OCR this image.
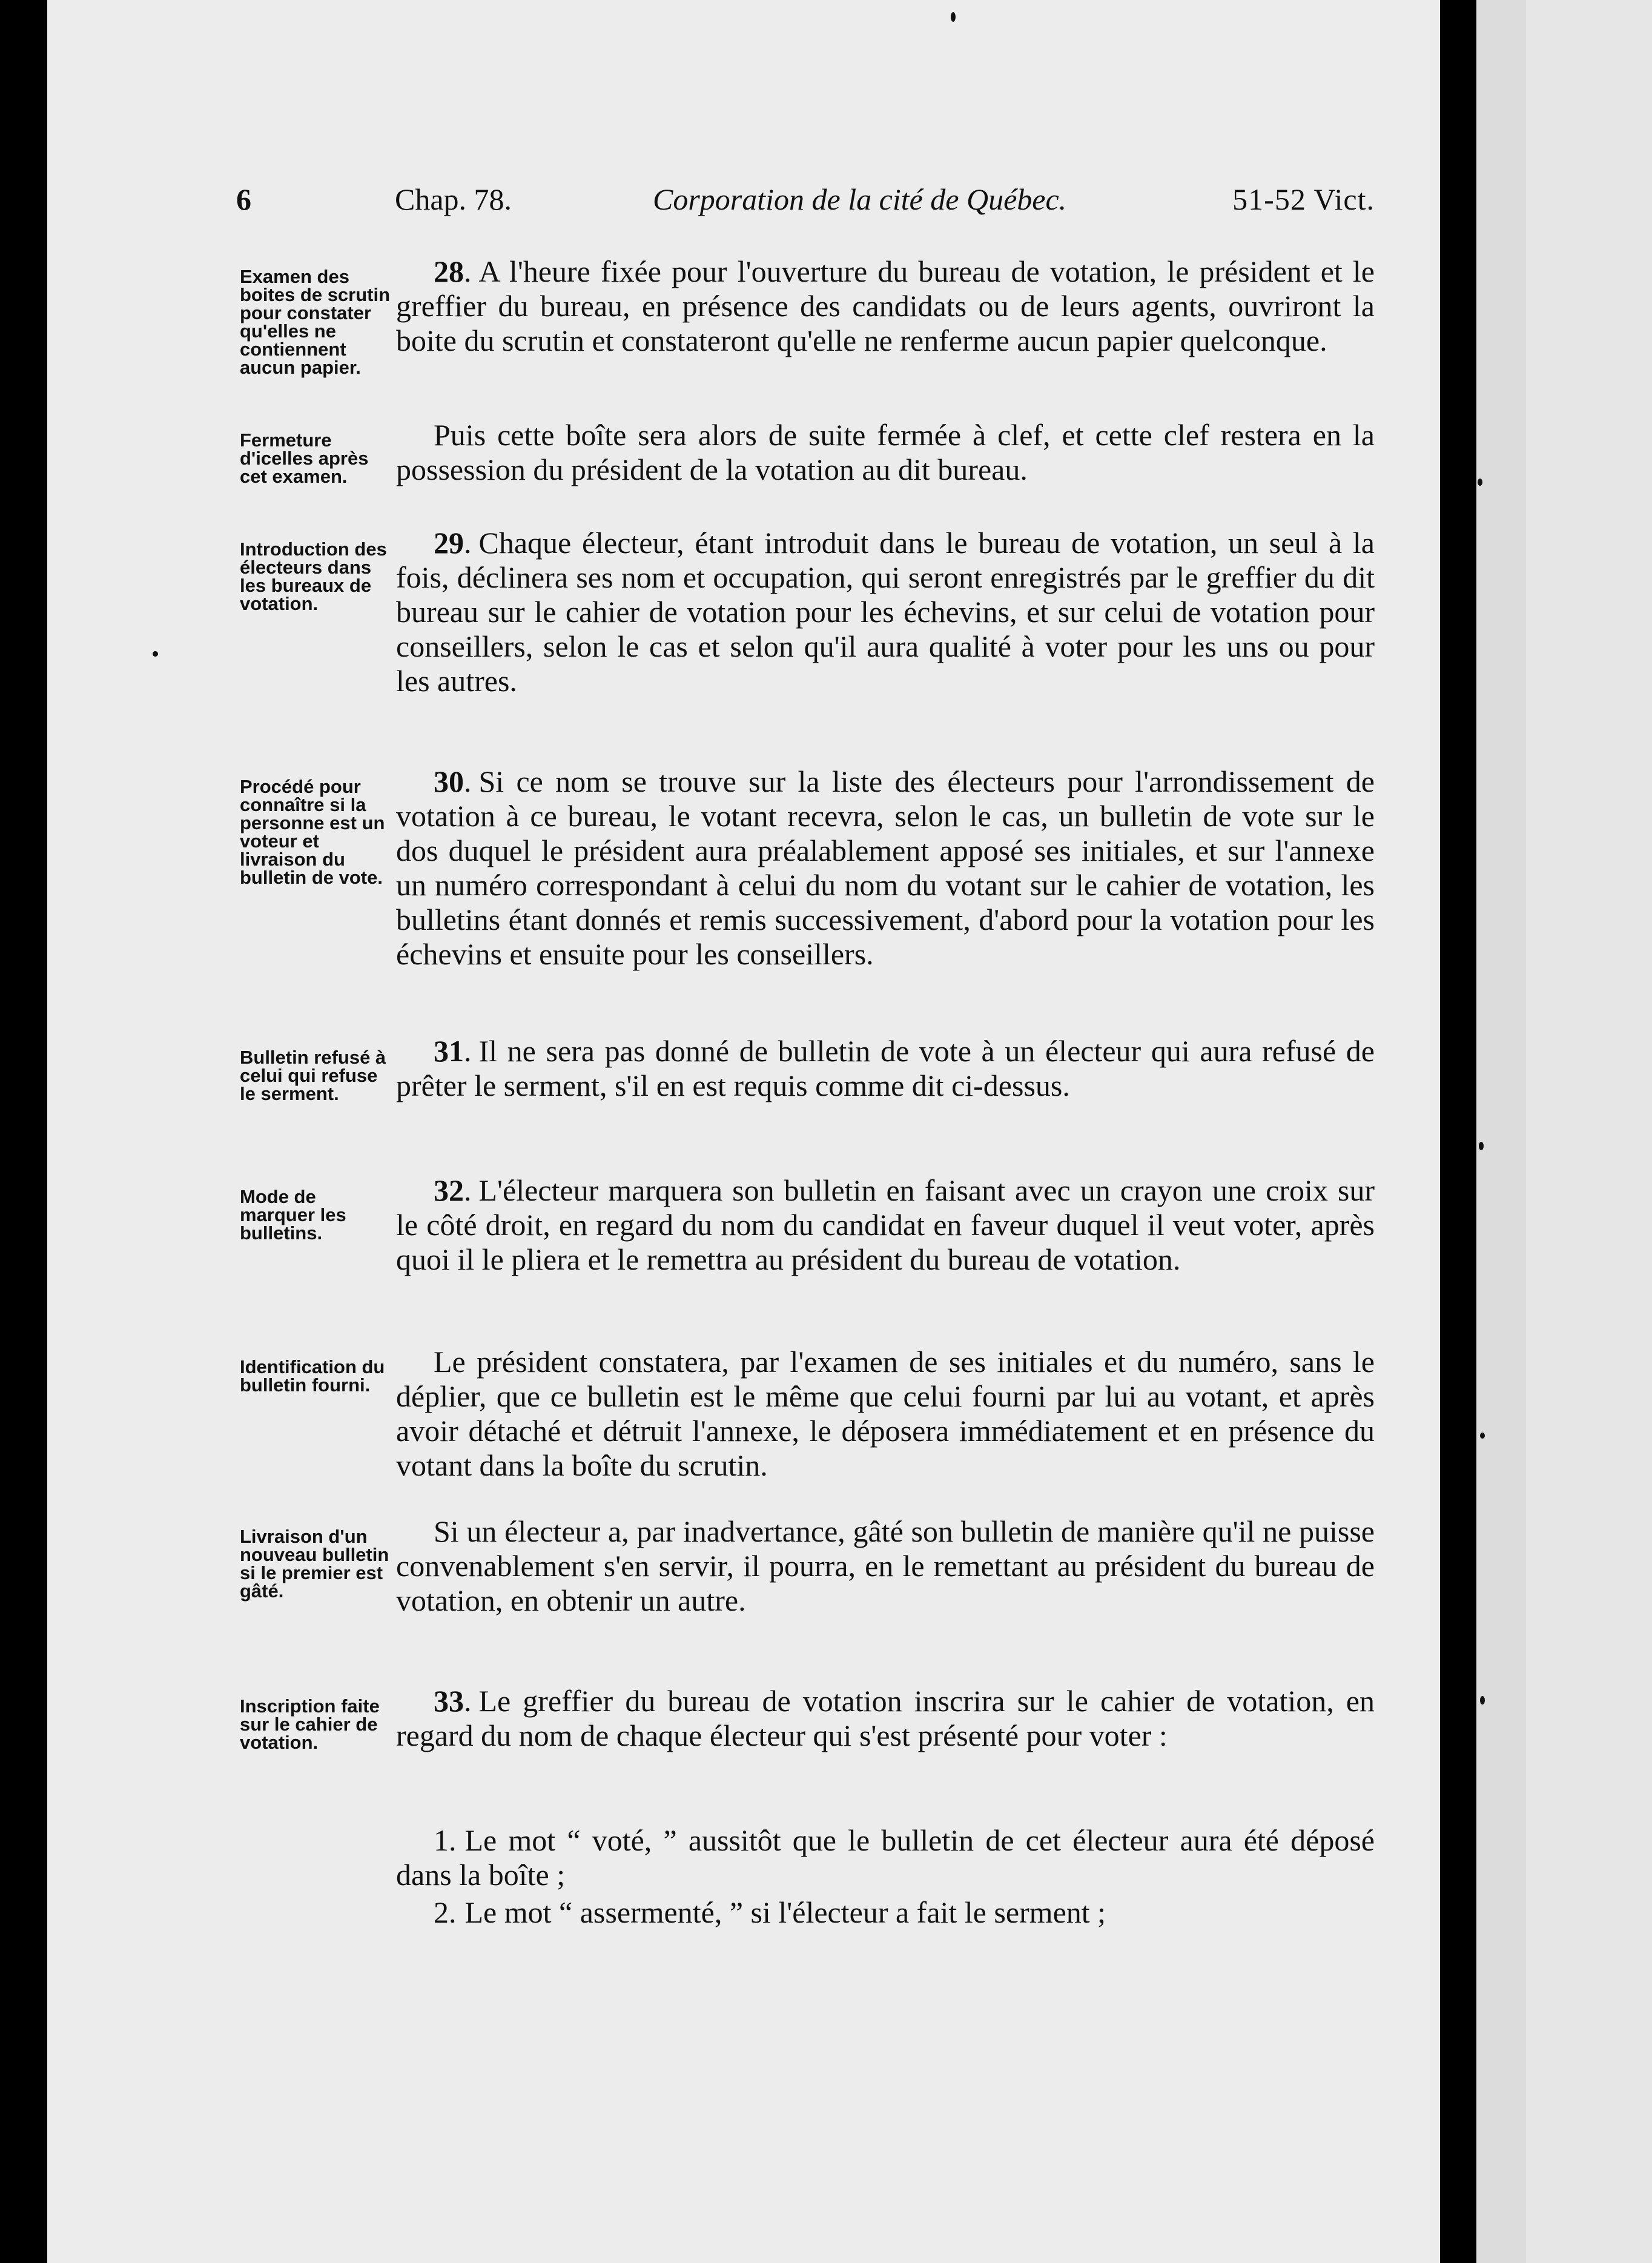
6	Chap. 78.	Corporation de la cité de Québec.	51-52 Vict.
Examen des boites de scrutin pour constater qu'elles ne contiennent aucun papier.
28. A l'heure fixée pour l'ouverture du bureau de votation, le président et le greffier du bureau, en présence des candidats ou de leurs agents, ouvriront la boite du scrutin et constateront qu'elle ne renferme aucun papier quelconque.
Fermeture d'icelles après cet examen.
Puis cette boîte sera alors de suite fermée à clef, et cette clef restera en la possession du président de la votation au dit bureau.
Introduction des électeurs dans les bureaux de votation.
29. Chaque électeur, étant introduit dans le bureau de votation, un seul à la fois, déclinera ses nom et occupation, qui seront enregistrés par le greffier du dit bureau sur le cahier de votation pour les échevins, et sur celui de votation pour conseillers, selon le cas et selon qu'il aura qualité à voter pour les uns ou pour les autres.
Procédé pour connaître si la personne est un voteur et livraison du bulletin de vote.
30. Si ce nom se trouve sur la liste des électeurs pour l'arrondissement de votation à ce bureau, le votant recevra, selon le cas, un bulletin de vote sur le dos duquel le président aura préalablement apposé ses initiales, et sur l'annexe un numéro correspondant à celui du nom du votant sur le cahier de votation, les bulletins étant donnés et remis successivement, d'abord pour la votation pour les échevins et ensuite pour les conseillers.
Bulletin refusé à celui qui refuse le serment.
31. Il ne sera pas donné de bulletin de vote à un électeur qui aura refusé de prêter le serment, s'il en est requis comme dit ci-dessus.
Mode de marquer les bulletins.
32. L'électeur marquera son bulletin en faisant avec un crayon une croix sur le côté droit, en regard du nom du candidat en faveur duquel il veut voter, après quoi il le pliera et le remettra au président du bureau de votation.
Identification du bulletin fourni.
Le président constatera, par l'examen de ses initiales et du numéro, sans le déplier, que ce bulletin est le même que celui fourni par lui au votant, et après avoir détaché et détruit l'annexe, le déposera immédiatement et en présence du votant dans la boîte du scrutin.
Livraison d'un nouveau bulletin si le premier est gâté.
Si un électeur a, par inadvertance, gâté son bulletin de manière qu'il ne puisse convenablement s'en servir, il pourra, en le remettant au président du bureau de votation, en obtenir un autre.
Inscription faite sur le cahier de votation.
33. Le greffier du bureau de votation inscrira sur le cahier de votation, en regard du nom de chaque électeur qui s'est présenté pour voter :
1. Le mot “ voté, ” aussitôt que le bulletin de cet électeur aura été déposé dans la boîte ;
2. Le mot “ assermenté, ” si l'électeur a fait le serment ;
